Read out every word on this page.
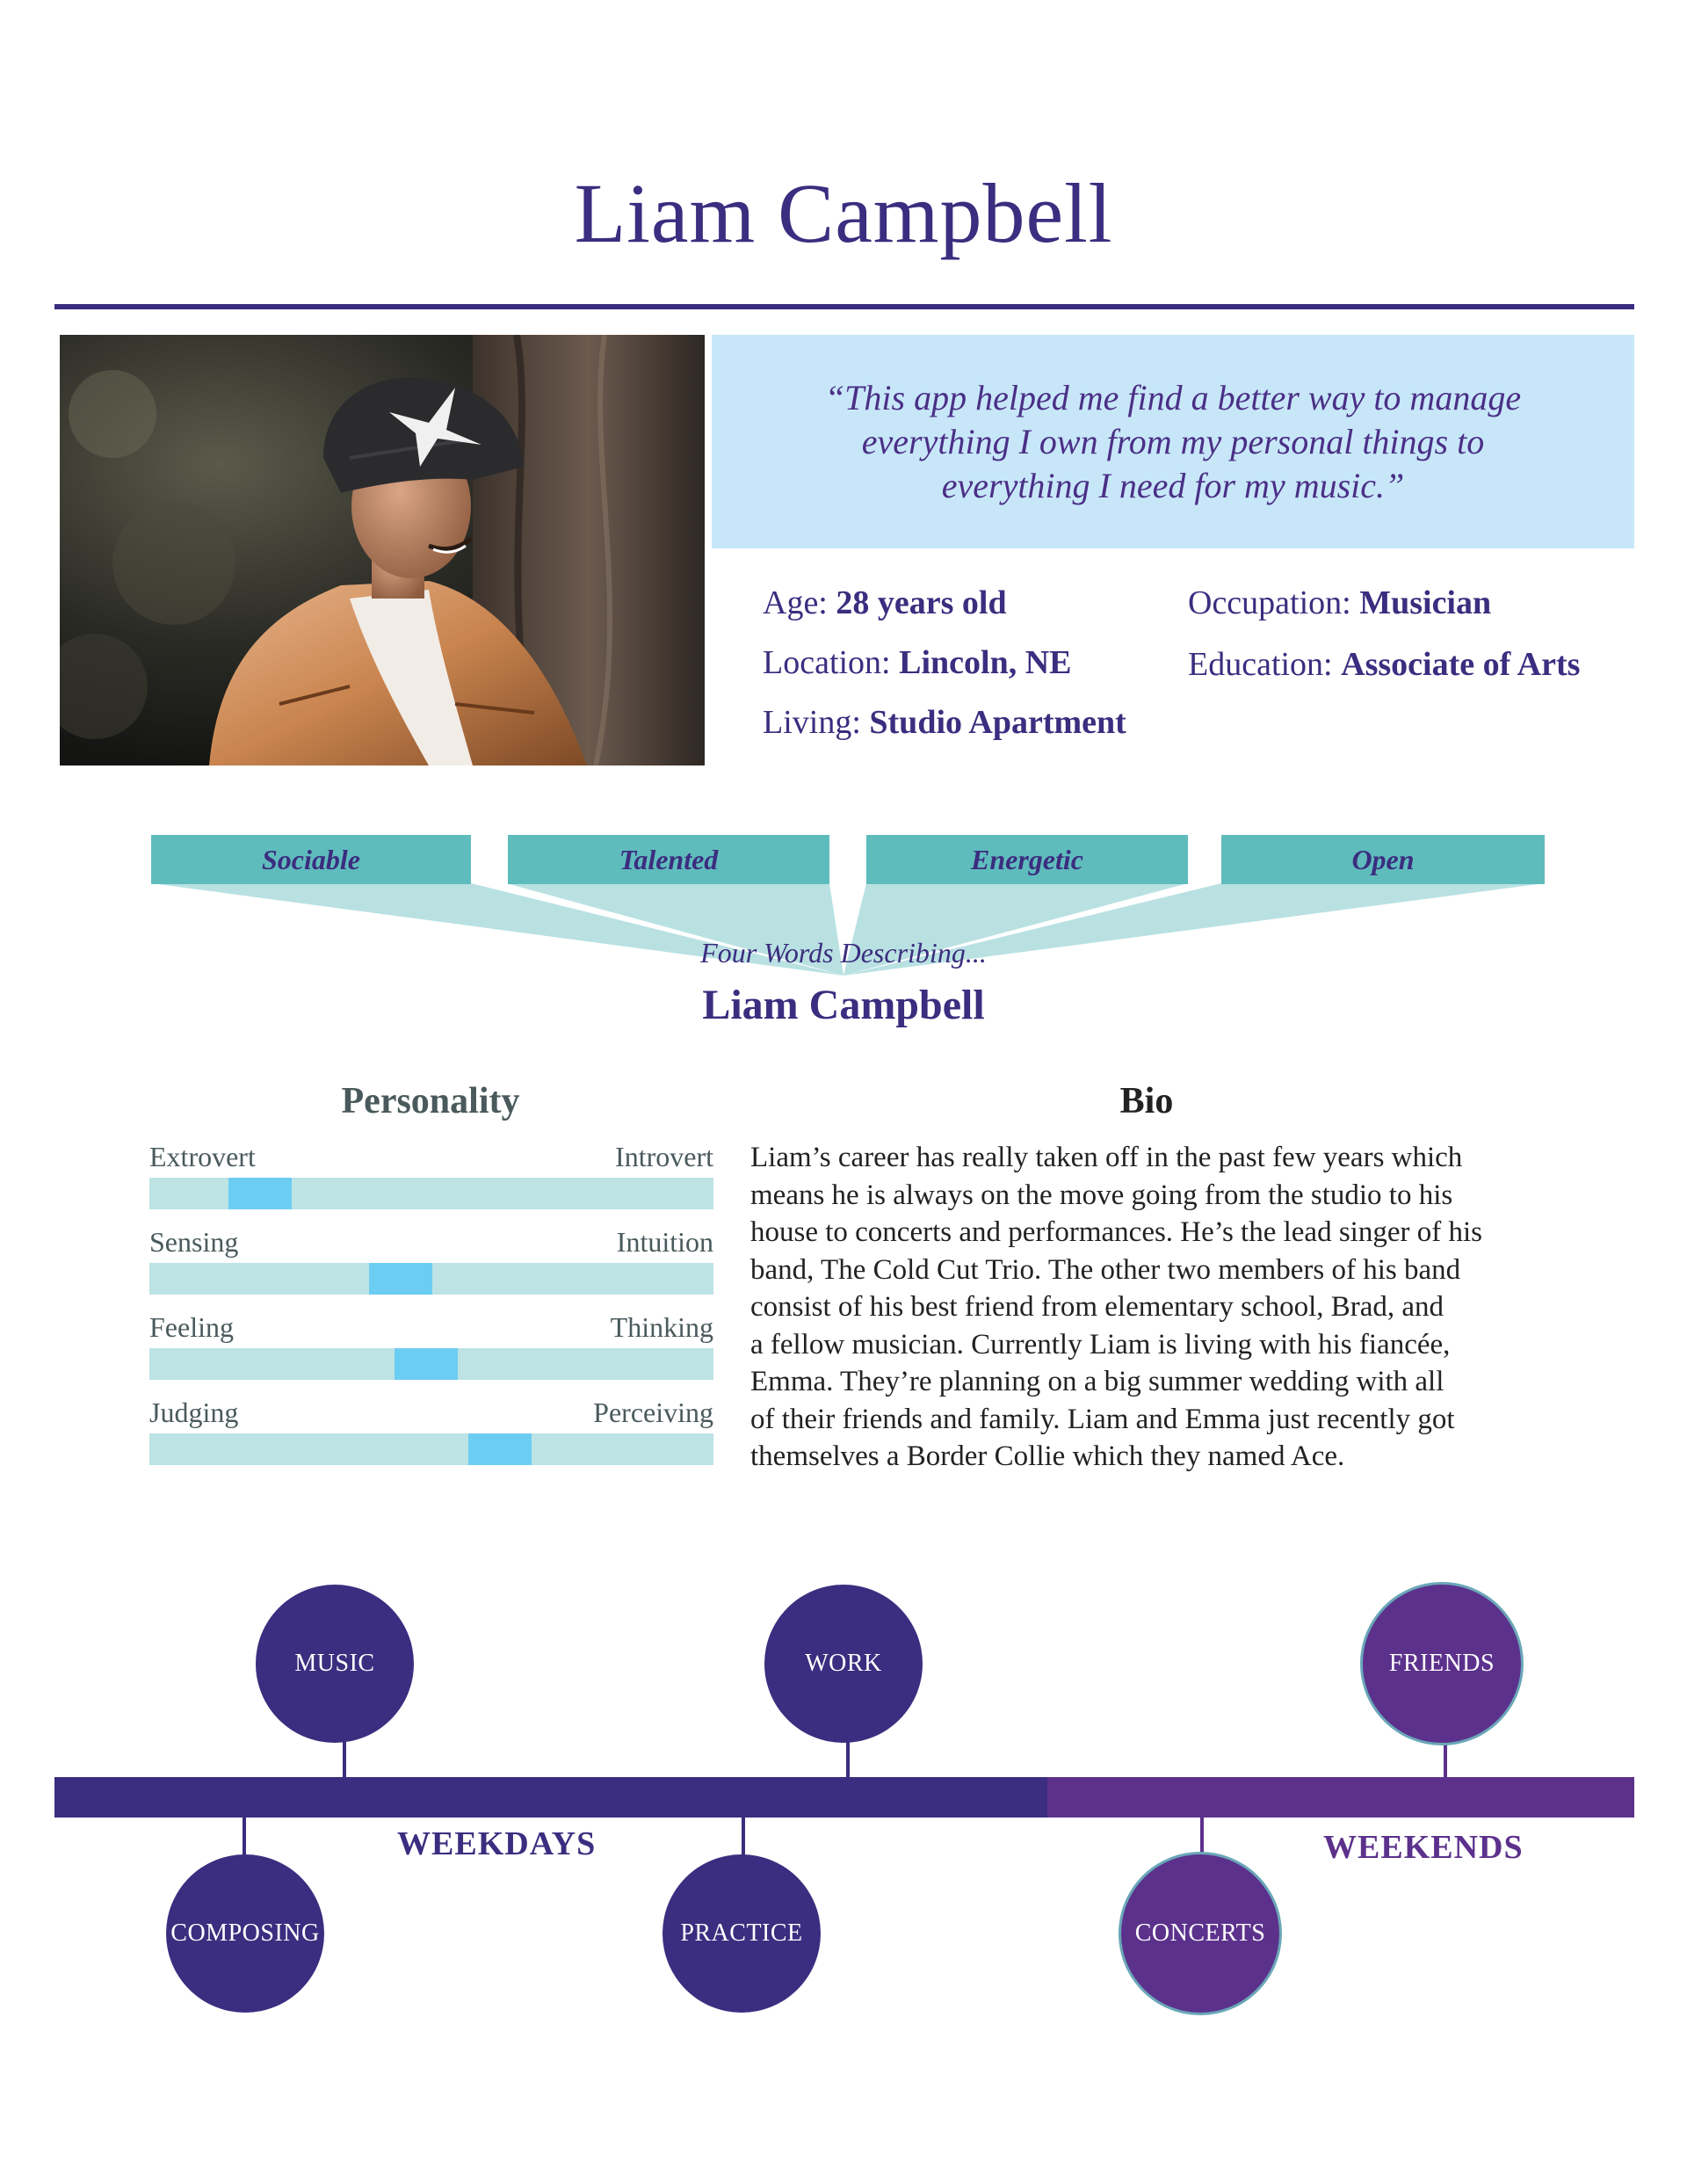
Liam Campbell
“This app helped me find a better way to manage everything I own from my personal things to everything I need for my music.”
Age: 28 years old
Location: Lincoln, NE
Living: Studio Apartment
Occupation: Musician
Education: Associate of Arts
Sociable	Talented	Energetic	Open
Four Words Describing...
Liam Campbell
Personality
Extrovert	Introvert
Sensing	Intuition
Feeling	Thinking
Judging	Perceiving
Bio
Liam’s career has really taken off in the past few years which
means he is always on the move going from the studio to his
house to concerts and performances. He’s the lead singer of his
band, The Cold Cut Trio. The other two members of his band
consist of his best friend from elementary school, Brad, and
a fellow musician. Currently Liam is living with his fiancée,
Emma. They’re planning on a big summer wedding with all
of their friends and family. Liam and Emma just recently got
themselves a Border Collie which they named Ace.
MUSIC	WORK	FRIENDS
COMPOSING	PRACTICE	CONCERTS
WEEKDAYS	WEEKENDS
